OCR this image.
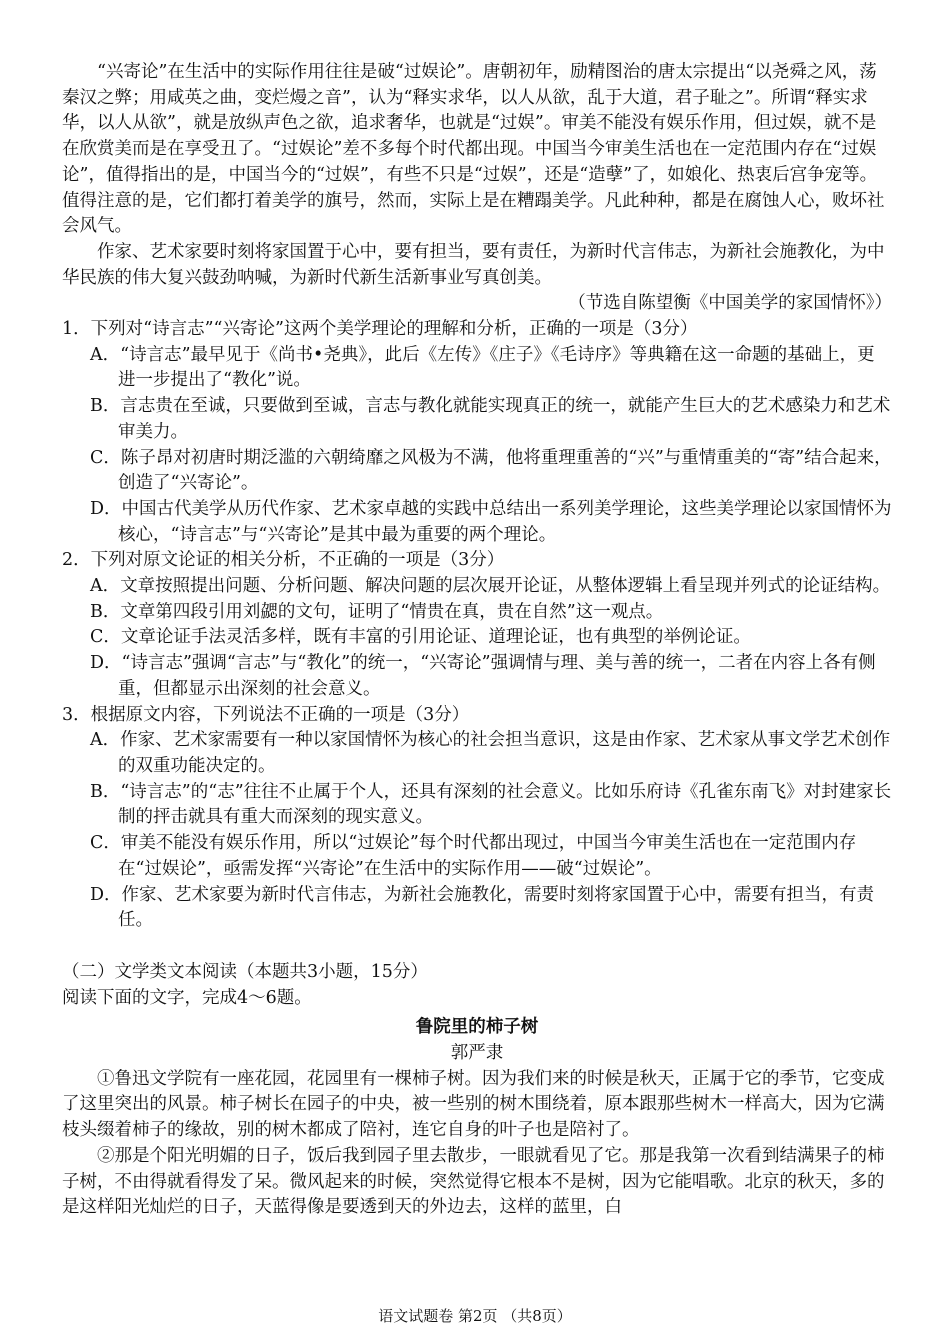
“兴寄论”在生活中的实际作用往往是破“过娱论”。唐朝初年，励精图治的唐太宗提出“以尧舜之风，荡秦汉之弊；用咸英之曲，变烂熳之音”，认为“释实求华，以人从欲，乱于大道，君子耻之”。所谓“释实求华，以人从欲”，就是放纵声色之欲，追求奢华，也就是“过娱”。审美不能没有娱乐作用，但过娱，就不是在欣赏美而是在享受丑了。“过娱论”差不多每个时代都出现。中国当今审美生活也在一定范围内存在“过娱论”，值得指出的是，中国当今的“过娱”，有些不只是“过娱”，还是“造孽”了，如娘化、热衷后宫争宠等。值得注意的是，它们都打着美学的旗号，然而，实际上是在糟蹋美学。凡此种种，都是在腐蚀人心，败坏社会风气。

作家、艺术家要时刻将家国置于心中，要有担当，要有责任，为新时代言伟志，为新社会施教化，为中华民族的伟大复兴鼓劲呐喊，为新时代新生活新事业写真创美。

（节选自陈望衡《中国美学的家国情怀》）

1．下列对“诗言志”“兴寄论”这两个美学理论的理解和分析，正确的一项是（3分）

A．“诗言志”最早见于《尚书•尧典》，此后《左传》《庄子》《毛诗序》等典籍在这一命题的基础上，更进一步提出了“教化”说。

B．言志贵在至诚，只要做到至诚，言志与教化就能实现真正的统一，就能产生巨大的艺术感染力和艺术审美力。

C．陈子昂对初唐时期泛滥的六朝绮靡之风极为不满，他将重理重善的“兴”与重情重美的“寄”结合起来，创造了“兴寄论”。

D．中国古代美学从历代作家、艺术家卓越的实践中总结出一系列美学理论，这些美学理论以家国情怀为核心，“诗言志”与“兴寄论”是其中最为重要的两个理论。

2．下列对原文论证的相关分析，不正确的一项是（3分）

A．文章按照提出问题、分析问题、解决问题的层次展开论证，从整体逻辑上看呈现并列式的论证结构。

B．文章第四段引用刘勰的文句，证明了“情贵在真，贵在自然”这一观点。

C．文章论证手法灵活多样，既有丰富的引用论证、道理论证，也有典型的举例论证。

D．“诗言志”强调“言志”与“教化”的统一，“兴寄论”强调情与理、美与善的统一，二者在内容上各有侧重，但都显示出深刻的社会意义。

3．根据原文内容，下列说法不正确的一项是（3分）

A．作家、艺术家需要有一种以家国情怀为核心的社会担当意识，这是由作家、艺术家从事文学艺术创作的双重功能决定的。

B．“诗言志”的“志”往往不止属于个人，还具有深刻的社会意义。比如乐府诗《孔雀东南飞》对封建家长制的抨击就具有重大而深刻的现实意义。

C．审美不能没有娱乐作用，所以“过娱论”每个时代都出现过，中国当今审美生活也在一定范围内存在“过娱论”，亟需发挥“兴寄论”在生活中的实际作用——破“过娱论”。

D．作家、艺术家要为新时代言伟志，为新社会施教化，需要时刻将家国置于心中，需要有担当，有责任。

（二）文学类文本阅读（本题共3小题，15分）

阅读下面的文字，完成4～6题。

鲁院里的柿子树

郭严隶

①鲁迅文学院有一座花园，花园里有一棵柿子树。因为我们来的时候是秋天，正属于它的季节，它变成了这里突出的风景。柿子树长在园子的中央，被一些别的树木围绕着，原本跟那些树木一样高大，因为它满枝头缀着柿子的缘故，别的树木都成了陪衬，连它自身的叶子也是陪衬了。

②那是个阳光明媚的日子，饭后我到园子里去散步，一眼就看见了它。那是我第一次看到结满果子的柿子树，不由得就看得发了呆。微风起来的时候，突然觉得它根本不是树，因为它能唱歌。北京的秋天，多的是这样阳光灿烂的日子，天蓝得像是要透到天的外边去，这样的蓝里，白

语文试题卷 第2页 （共8页）
